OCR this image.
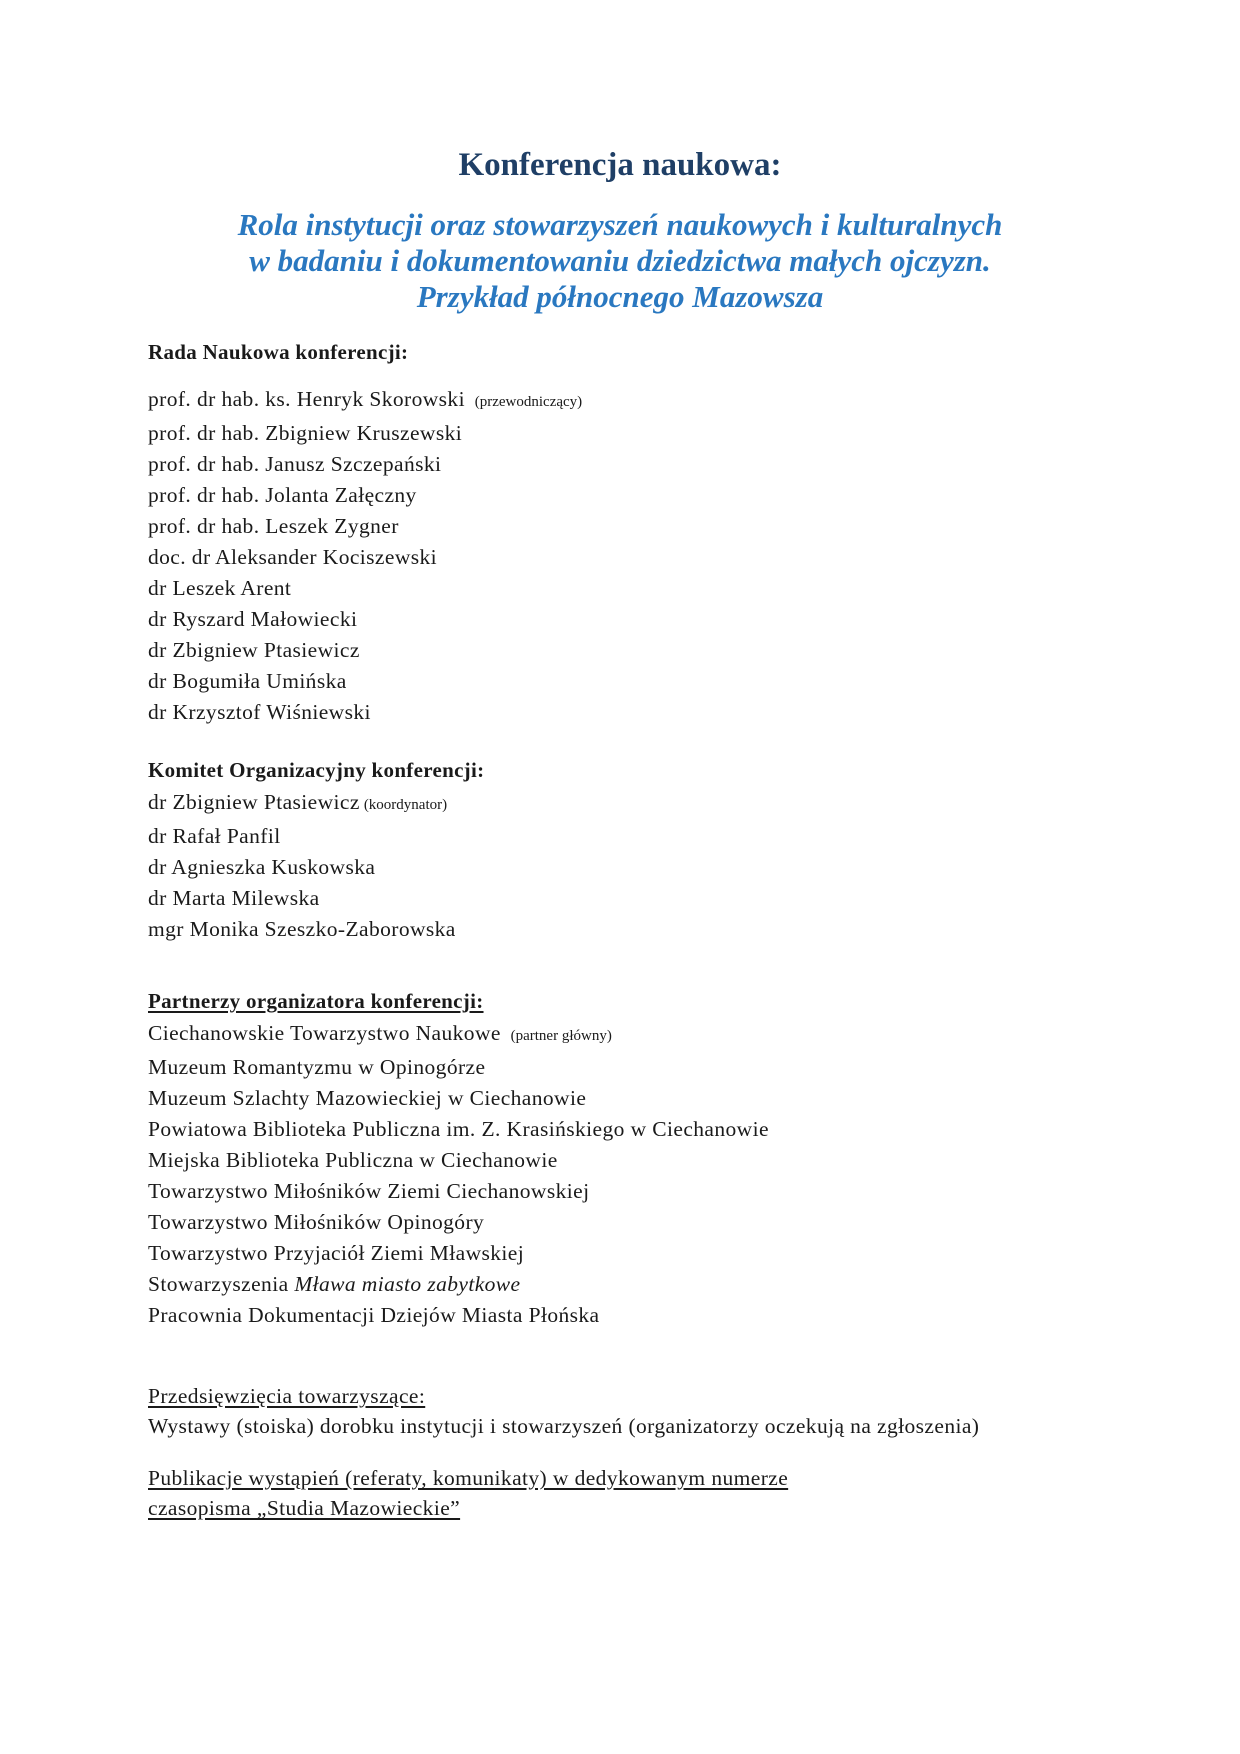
Konferencja naukowa:
Rola instytucji oraz stowarzyszeń naukowych i kulturalnych
w badaniu i dokumentowaniu dziedzictwa małych ojczyzn.
Przykład północnego Mazowsza
Rada Naukowa konferencji:
prof. dr hab. ks. Henryk Skorowski (przewodniczący)
prof. dr hab. Zbigniew Kruszewski
prof. dr hab. Janusz Szczepański
prof. dr hab. Jolanta Załęczny
prof. dr hab. Leszek Zygner
doc. dr Aleksander Kociszewski
dr Leszek Arent
dr Ryszard Małowiecki
dr Zbigniew Ptasiewicz
dr Bogumiła Umińska
dr Krzysztof Wiśniewski
Komitet Organizacyjny konferencji:
dr Zbigniew Ptasiewicz (koordynator)
dr Rafał Panfil
dr Agnieszka Kuskowska
dr Marta Milewska
mgr Monika Szeszko-Zaborowska
Partnerzy organizatora konferencji:
Ciechanowskie Towarzystwo Naukowe (partner główny)
Muzeum Romantyzmu w Opinogórze
Muzeum Szlachty Mazowieckiej w Ciechanowie
Powiatowa Biblioteka Publiczna im. Z. Krasińskiego w Ciechanowie
Miejska Biblioteka Publiczna w Ciechanowie
Towarzystwo Miłośników Ziemi Ciechanowskiej
Towarzystwo Miłośników Opinogóry
Towarzystwo Przyjaciół Ziemi Mławskiej
Stowarzyszenia Mława miasto zabytkowe
Pracownia Dokumentacji Dziejów Miasta Płońska

Przedsięwzięcia towarzyszące:

Wystawy (stoiska) dorobku instytucji i stowarzyszeń (organizatorzy oczekują na zgłoszenia)

Publikacje wystąpień (referaty, komunikaty) w dedykowanym numerze

czasopisma „Studia Mazowieckie”
